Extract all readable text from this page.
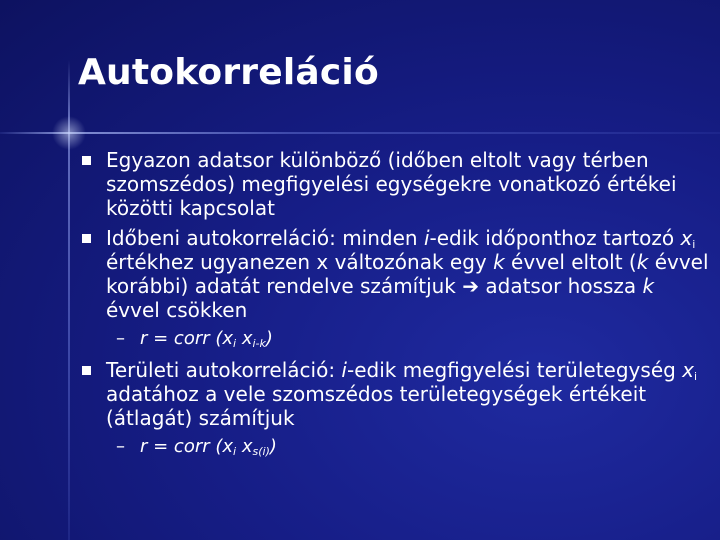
Autokorreláció
Egyazon adatsor különböző (időben eltolt vagy térben szomszédos) megfigyelési egységekre vonatkozó értékei közötti kapcsolat
Időbeni autokorreláció: minden i-edik időponthoz tartozó $x_i$ értékhez ugyanezen x változónak egy k évvel eltolt (k évvel korábbi) adatát rendelve számítjuk ➔ adatsor hossza k évvel csökken
– r = corr ($x_i$ $x_{i-k}$)
Területi autokorreláció: i-edik megfigyelési területegység $x_i$ adatához a vele szomszédos területegységek értékeit (átlagát) számítjuk
– r = corr ($x_i$ $x_{s(i)}$)
